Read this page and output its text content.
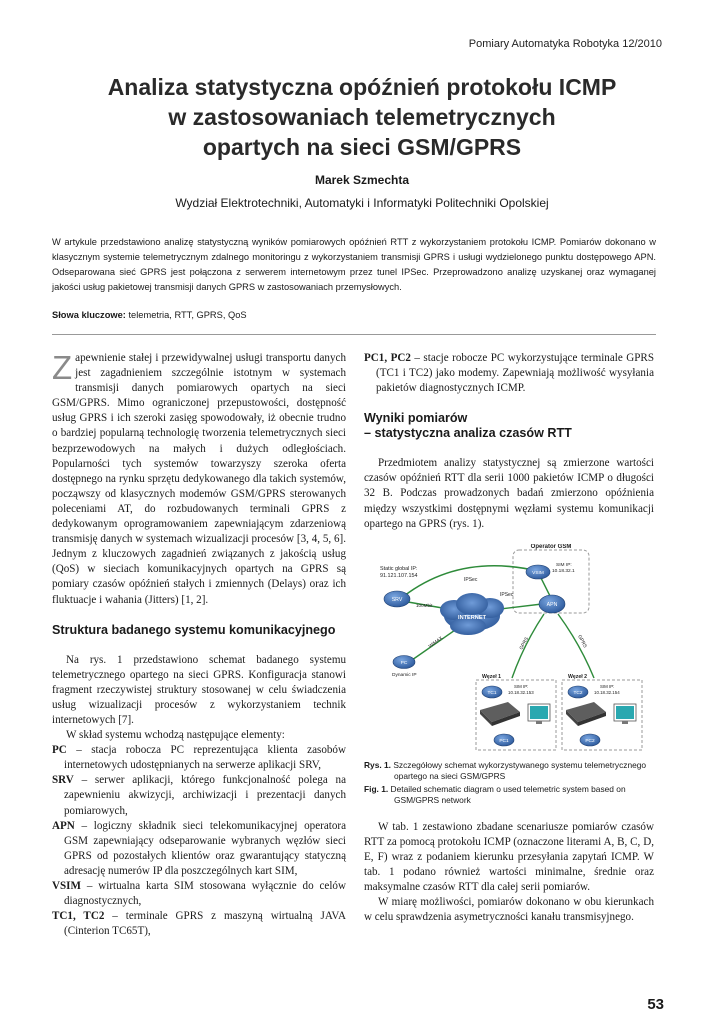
Pomiary Automatyka Robotyka 12/2010
Analiza statystyczna opóźnień protokołu ICMP
w zastosowaniach telemetrycznych
opartych na sieci GSM/GPRS
Marek Szmechta
Wydział Elektrotechniki, Automatyki i Informatyki Politechniki Opolskiej
W artykule przedstawiono analizę statystyczną wyników pomiarowych opóźnień RTT z wykorzystaniem protokołu ICMP. Pomiarów dokonano w klasycznym systemie telemetrycznym zdalnego monitoringu z wykorzystaniem transmisji GPRS i usługi wydzielonego punktu dostępowego APN. Odseparowana sieć GPRS jest połączona z serwerem internetowym przez tunel IPSec. Przeprowadzono analizę uzyskanej oraz wymaganej jakości usług pakietowej transmisji danych GPRS w zastosowaniach przemysłowych.
Słowa kluczowe: telemetria, RTT, GPRS, QoS

Zapewnienie stałej i przewidywalnej usługi transportu danych jest zagadnieniem szczególnie istotnym w systemach transmisji danych pomiarowych opartych na sieci GSM/GPRS. Mimo ograniczonej przepustowości, dostępność usług GPRS i ich szeroki zasięg spowodowały, iż obecnie trudno o bardziej popularną technologię tworzenia telemetrycznych sieci bezprzewodowych na małych i dużych odległościach. Popularności tych systemów towarzyszy szeroka oferta dostępnego na rynku sprzętu dedykowanego dla takich systemów, począwszy od klasycznych modemów GSM/GPRS sterowanych poleceniami AT, do rozbudowanych terminali GPRS z dedykowanym oprogramowaniem zapewniającym zdarzeniową transmisję danych w systemach wizualizacji procesów [3, 4, 5, 6]. Jednym z kluczowych zagadnień związanych z jakością usług (QoS) w sieciach komunikacyjnych opartych na GPRS są pomiary czasów opóźnień stałych i zmiennych (Delays) oraz ich fluktuacje i wahania (Jitters) [1, 2].

Struktura badanego systemu komunikacyjnego

Na rys. 1 przedstawiono schemat badanego systemu telemetrycznego opartego na sieci GPRS. Konfiguracja stanowi fragment rzeczywistej struktury stosowanej w celu świadczenia usług wizualizacji procesów z wykorzystaniem technik internetowych [7].

W skład systemu wchodzą następujące elementy:

PC – stacja robocza PC reprezentująca klienta zasobów internetowych udostępnianych na serwerze aplikacji SRV,

SRV – serwer aplikacji, którego funkcjonalność polega na zapewnieniu akwizycji, archiwizacji i prezentacji danych pomiarowych,

APN – logiczny składnik sieci telekomunikacyjnej operatora GSM zapewniający odseparowanie wybranych węzłów sieci GPRS od pozostałych klientów oraz gwarantujący statyczną adresację numerów IP dla poszczególnych kart SIM,

VSIM – wirtualna karta SIM stosowana wyłącznie do celów diagnostycznych,

TC1, TC2 – terminale GPRS z maszyną wirtualną JAVA (Cinterion TC65T),

PC1, PC2 – stacje robocze PC wykorzystujące terminale GPRS (TC1 i TC2) jako modemy. Zapewniają możliwość wysyłania pakietów diagnostycznych ICMP.

Wyniki pomiarów
– statystyczna analiza czasów RTT

Przedmiotem analizy statystycznej są zmierzone wartości czasów opóźnień RTT dla serii 1000 pakietów ICMP o długości 32 B. Podczas prowadzonych badań zmierzono opóźnienia między wszystkimi dostępnymi węzłami systemu komunikacji opartego na GPRS (rys. 1).

Rys. 1. Szczegółowy schemat wykorzystywanego systemu telemetrycznego opartego na sieci GSM/GPRS

Fig. 1. Detailed schematic diagram o used telemetric system based on GSM/GPRS network

W tab. 1 zestawiono zbadane scenariusze pomiarów czasów RTT za pomocą protokołu ICMP (oznaczone literami A, B, C, D, E, F) wraz z podaniem kierunku przesyłania zapytań ICMP. W tab. 1 podano również wartości minimalne, średnie oraz maksymalne czasów RTT dla całej serii pomiarów.

W miarę możliwości, pomiarów dokonano w obu kierunkach w celu sprawdzenia asymetryczności kanału transmisyjnego.

Operator GSM
Static global IP:
91.121.107.154
SRV
100Mbit
IPSec
IPSec
INTERNET
VSIM
SIM IP:
10.18.32.1
APN
WiMAX
PC
Dynamic IP
GPRS	GPRS
Węzeł 1
TC1
SIM IP:
10.18.32.153
PC1
Węzeł 2
TC2
SIM IP:
10.18.32.154
PC2
53
